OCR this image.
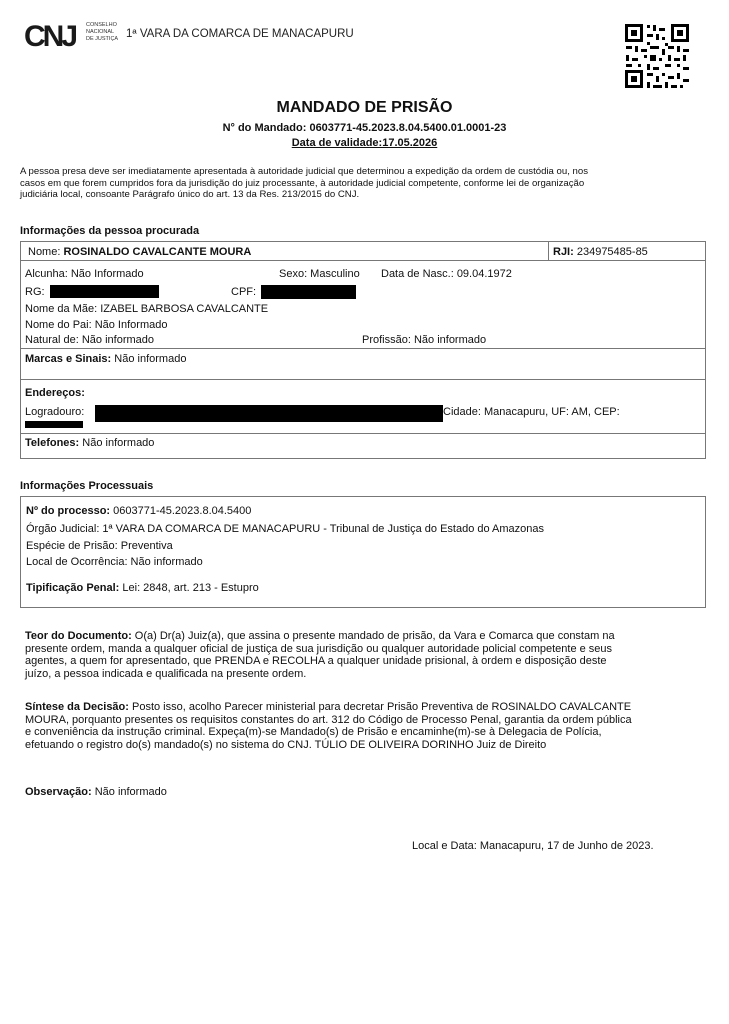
CNJ CONSELHO
NACIONAL
DE JUSTIÇA 1ª VARA DA COMARCA DE MANACAPURU
MANDADO DE PRISÃO
N° do Mandado: 0603771-45.2023.8.04.5400.01.0001-23
Data de validade:17.05.2026
A pessoa presa deve ser imediatamente apresentada à autoridade judicial que determinou a expedição da ordem de custódia ou, nos
casos em que forem cumpridos fora da jurisdição do juiz processante, à autoridade judicial competente, conforme lei de organização
judiciária local, consoante Parágrafo único do art. 13 da Res. 213/2015 do CNJ.
Informações da pessoa procurada
Nome: ROSINALDO CAVALCANTE MOURA	RJI: 234975485-85
Alcunha: Não Informado	Sexo: Masculino Data de Nasc.: 09.04.1972
RG:	CPF:
Nome da Mãe: IZABEL BARBOSA CAVALCANTE
Nome do Pai: Não Informado
Natural de: Não informado	Profissão: Não informado
Marcas e Sinais: Não informado
Endereços:
Logradouro:	Cidade: Manacapuru, UF: AM, CEP:
Telefones: Não informado
Informações Processuais
Nº do processo: 0603771-45.2023.8.04.5400
Órgão Judicial: 1ª VARA DA COMARCA DE MANACAPURU - Tribunal de Justiça do Estado do Amazonas
Espécie de Prisão: Preventiva
Local de Ocorrência: Não informado
Tipificação Penal: Lei: 2848, art. 213 - Estupro
Teor do Documento: O(a) Dr(a) Juiz(a), que assina o presente mandado de prisão, da Vara e Comarca que constam na
presente ordem, manda a qualquer oficial de justiça de sua jurisdição ou qualquer autoridade policial competente e seus
agentes, a quem for apresentado, que PRENDA e RECOLHA a qualquer unidade prisional, à ordem e disposição deste
juízo, a pessoa indicada e qualificada na presente ordem.
Síntese da Decisão: Posto isso, acolho Parecer ministerial para decretar Prisão Preventiva de ROSINALDO CAVALCANTE
MOURA, porquanto presentes os requisitos constantes do art. 312 do Código de Processo Penal, garantia da ordem pública
e conveniência da instrução criminal. Expeça(m)-se Mandado(s) de Prisão e encaminhe(m)-se à Delegacia de Polícia,
efetuando o registro do(s) mandado(s) no sistema do CNJ. TÚLIO DE OLIVEIRA DORINHO Juiz de Direito
Observação: Não informado
Local e Data: Manacapuru, 17 de Junho de 2023.
